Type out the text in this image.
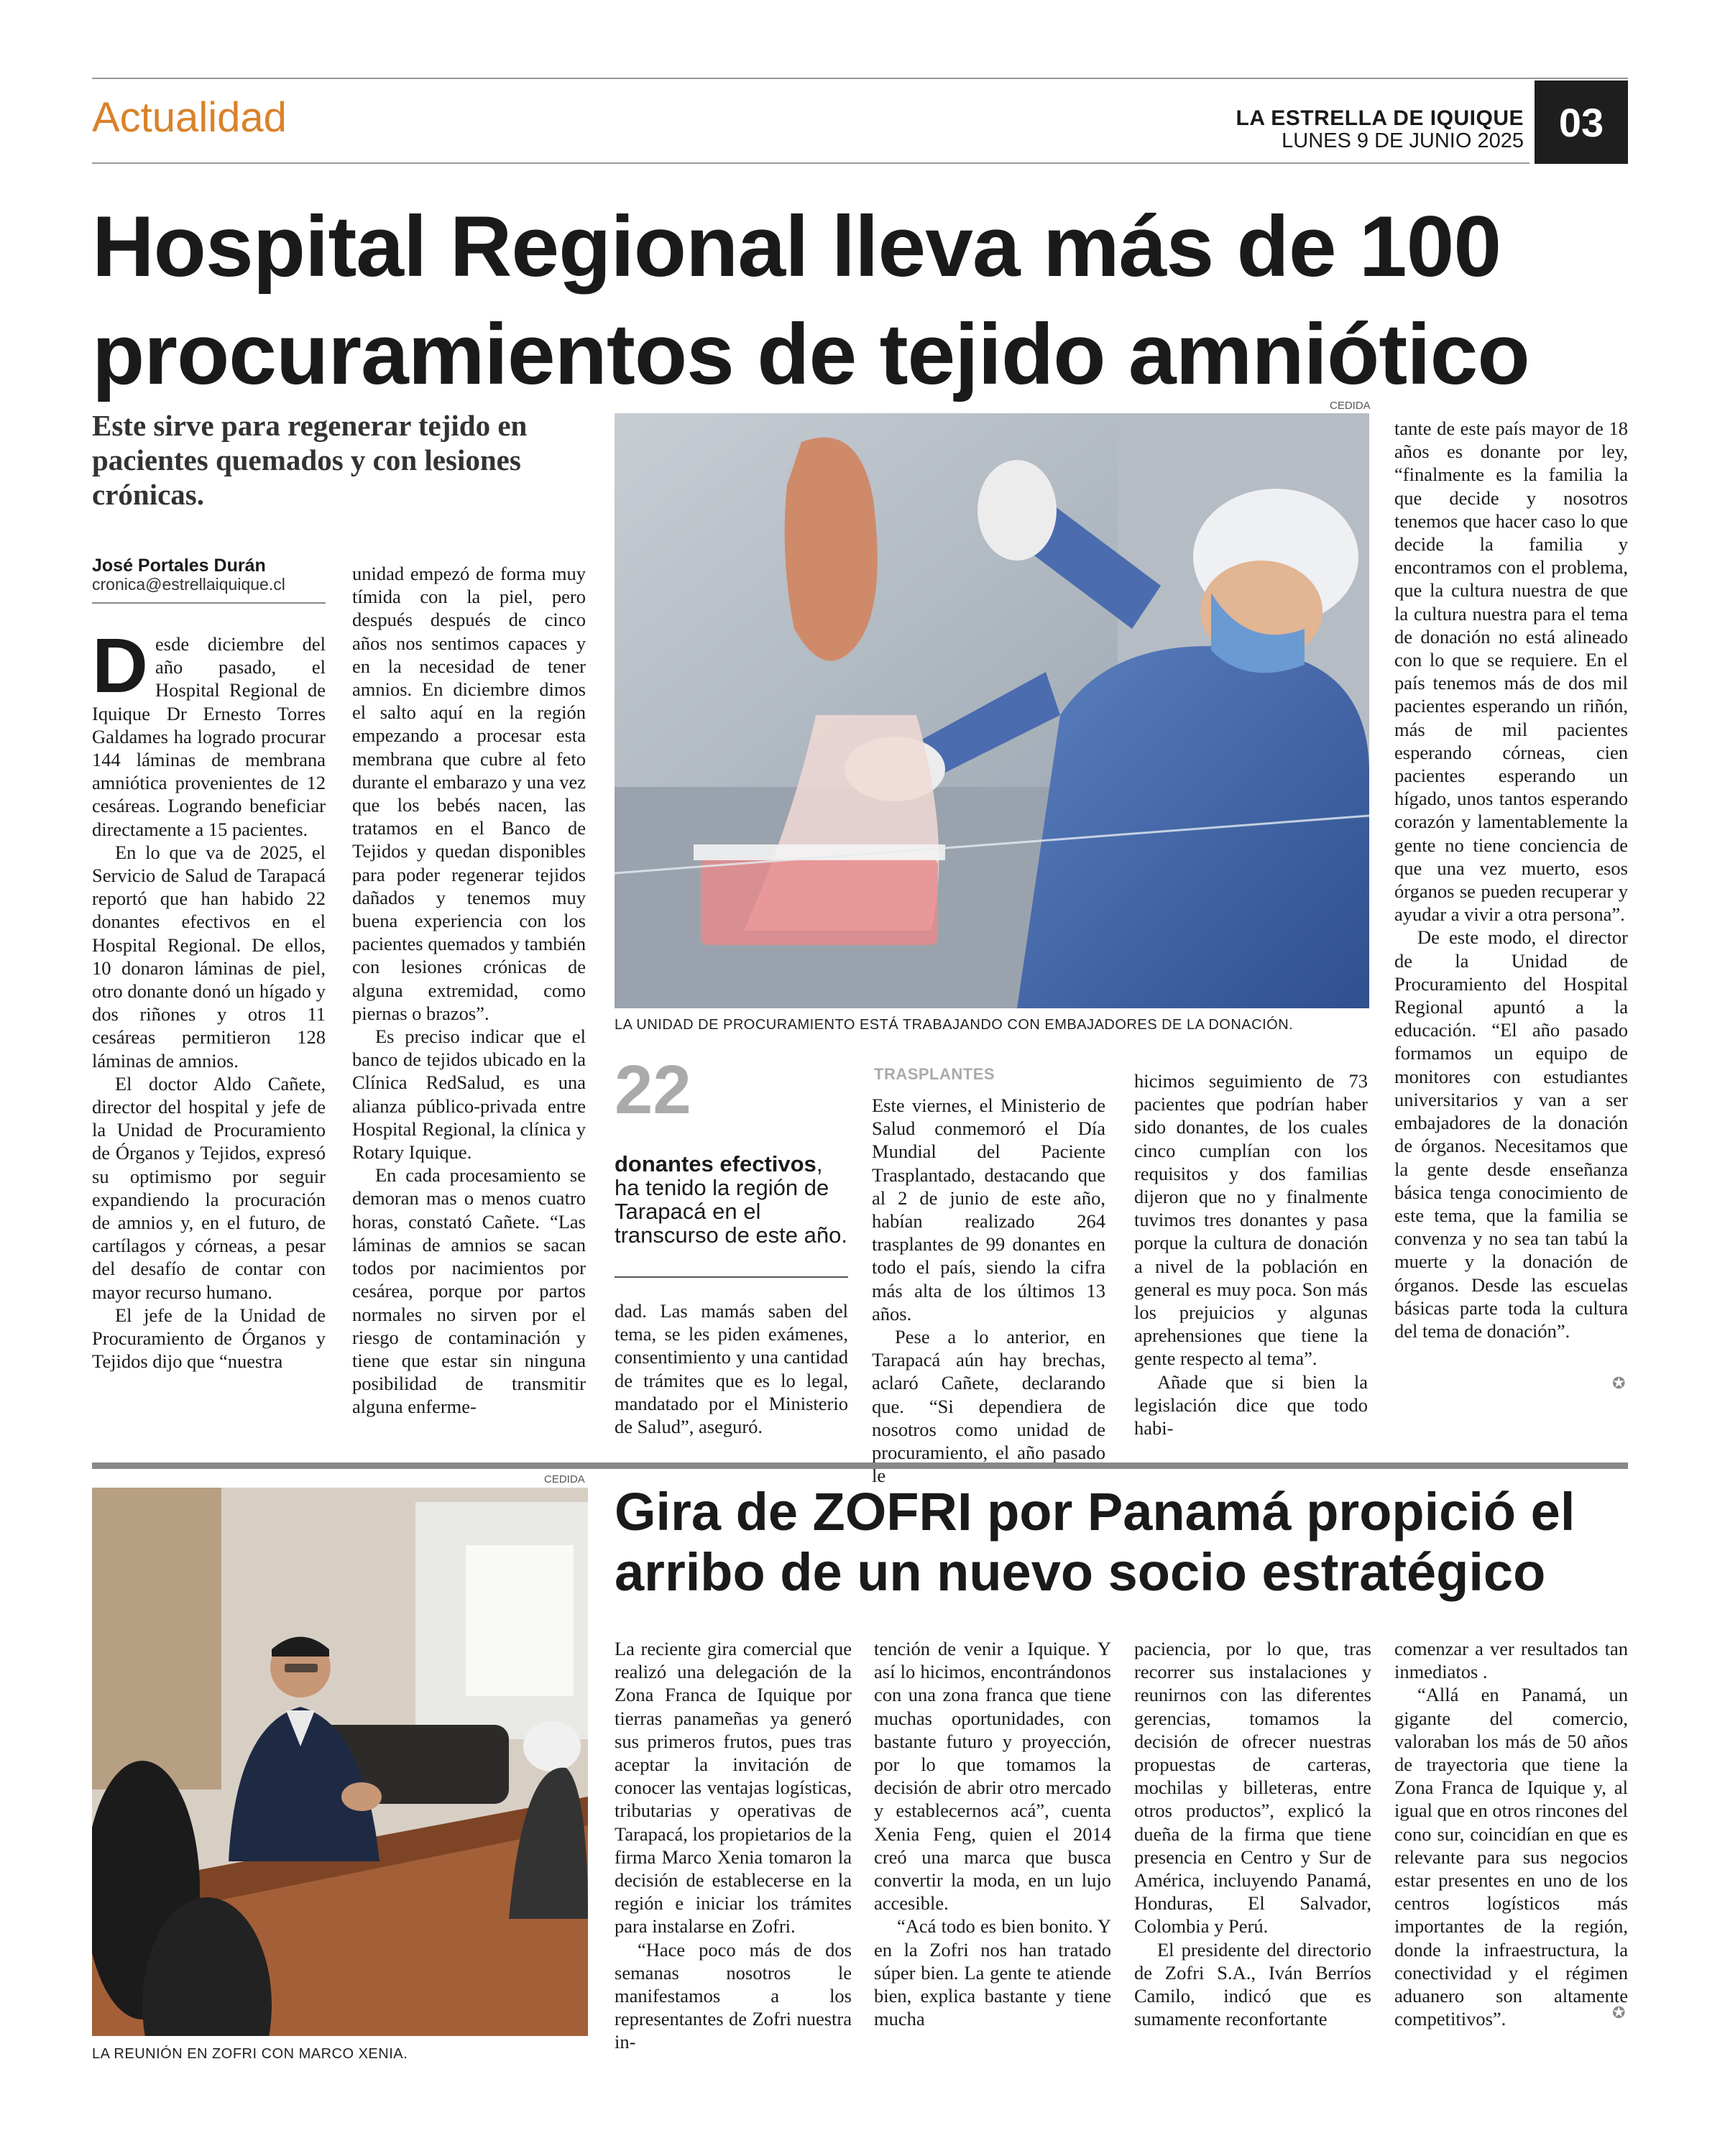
Actualidad	LA ESTRELLA DE IQUIQUE
LUNES 9 DE JUNIO 2025 03
Hospital Regional lleva más de 100 procuramientos de tejido amniótico
Este sirve para regenerar tejido en pacientes quemados y con lesiones crónicas.
José Portales Durán
cronica@estrellaiquique.cl

Desde diciembre del año pasado, el Hospital Regional de Iquique Dr Ernesto Torres Galdames ha logrado procurar 144 láminas de membrana amniótica provenientes de 12 cesáreas. Logrando beneficiar directamente a 15 pacientes.

En lo que va de 2025, el Servicio de Salud de Tarapacá reportó que han habido 22 donantes efectivos en el Hospital Regional. De ellos, 10 donaron láminas de piel, otro donante donó un hígado y dos riñones y otros 11 cesáreas permitieron 128 láminas de amnios.

El doctor Aldo Cañete, director del hospital y jefe de la Unidad de Procuramiento de Órganos y Tejidos, expresó su optimismo por seguir expandiendo la procuración de amnios y, en el futuro, de cartílagos y córneas, a pesar del desafío de contar con mayor recurso humano.

El jefe de la Unidad de Procuramiento de Órganos y Tejidos dijo que “nuestra

unidad empezó de forma muy tímida con la piel, pero después después de cinco años nos sentimos capaces y en la necesidad de tener amnios. En diciembre dimos el salto aquí en la región empezando a procesar esta membrana que cubre al feto durante el embarazo y una vez que los bebés nacen, las tratamos en el Banco de Tejidos y quedan disponibles para poder regenerar tejidos dañados y tenemos muy buena experiencia con los pacientes quemados y también con lesiones crónicas de alguna extremidad, como piernas o brazos”.

Es preciso indicar que el banco de tejidos ubicado en la Clínica RedSalud, es una alianza público-privada entre Hospital Regional, la clínica y Rotary Iquique.

En cada procesamiento se demoran mas o menos cuatro horas, constató Cañete. “Las láminas de amnios se sacan todos por nacimientos por cesárea, porque por partos normales no sirven por el riesgo de contaminación y tiene que estar sin ninguna posibilidad de transmitir alguna enferme-

CEDIDA
LA UNIDAD DE PROCURAMIENTO ESTÁ TRABAJANDO CON EMBAJADORES DE LA DONACIÓN.
22
donantes efectivos, ha tenido la región de Tarapacá en el transcurso de este año.

dad. Las mamás saben del tema, se les piden exámenes, consentimiento y una cantidad de trámites que es lo legal, mandatado por el Ministerio de Salud”, aseguró.

TRASPLANTES

Este viernes, el Ministerio de Salud conmemoró el Día Mundial del Paciente Trasplantado, destacando que al 2 de junio de este año, habían realizado 264 trasplantes de 99 donantes en todo el país, siendo la cifra más alta de los últimos 13 años.

Pese a lo anterior, en Tarapacá aún hay brechas, aclaró Cañete, declarando que. “Si dependiera de nosotros como unidad de procuramiento, el año pasado le

hicimos seguimiento de 73 pacientes que podrían haber sido donantes, de los cuales cinco cumplían con los requisitos y dos familias dijeron que no y finalmente tuvimos tres donantes y pasa porque la cultura de donación a nivel de la población en general es muy poca. Son más los prejuicios y algunas aprehensiones que tiene la gente respecto al tema”.

Añade que si bien la legislación dice que todo habi-

tante de este país mayor de 18 años es donante por ley, “finalmente es la familia la que decide y nosotros tenemos que hacer caso lo que decide la familia y encontramos con el problema, que la cultura nuestra de que la cultura nuestra para el tema de donación no está alineado con lo que se requiere. En el país tenemos más de dos mil pacientes esperando un riñón, más de mil pacientes esperando córneas, cien pacientes esperando un hígado, unos tantos esperando corazón y lamentablemente la gente no tiene conciencia de que una vez muerto, esos órganos se pueden recuperar y ayudar a vivir a otra persona”.

De este modo, el director de la Unidad de Procuramiento del Hospital Regional apuntó a la educación. “El año pasado formamos un equipo de monitores con estudiantes universitarios y van a ser embajadores de la donación de órganos. Necesitamos que la gente desde enseñanza básica tenga conocimiento de este tema, que la familia se convenza y no sea tan tabú la muerte y la donación de órganos. Desde las escuelas básicas parte toda la cultura del tema de donación”.

✪
CEDIDA
LA REUNIÓN EN ZOFRI CON MARCO XENIA.
Gira de ZOFRI por Panamá propició el arribo de un nuevo socio estratégico

La reciente gira comercial que realizó una delegación de la Zona Franca de Iquique por tierras panameñas ya generó sus primeros frutos, pues tras aceptar la invitación de conocer las ventajas logísticas, tributarias y operativas de Tarapacá, los propietarios de la firma Marco Xenia tomaron la decisión de establecerse en la región e iniciar los trámites para instalarse en Zofri.

“Hace poco más de dos semanas nosotros le manifestamos a los representantes de Zofri nuestra in-

tención de venir a Iquique. Y así lo hicimos, encontrándonos con una zona franca que tiene muchas oportunidades, con bastante futuro y proyección, por lo que tomamos la decisión de abrir otro mercado y establecernos acá”, cuenta Xenia Feng, quien el 2014 creó una marca que busca convertir la moda, en un lujo accesible.

“Acá todo es bien bonito. Y en la Zofri nos han tratado súper bien. La gente te atiende bien, explica bastante y tiene mucha

paciencia, por lo que, tras recorrer sus instalaciones y reunirnos con las diferentes gerencias, tomamos la decisión de ofrecer nuestras propuestas de carteras, mochilas y billeteras, entre otros productos”, explicó la dueña de la firma que tiene presencia en Centro y Sur de América, incluyendo Panamá, Honduras, El Salvador, Colombia y Perú.

El presidente del directorio de Zofri S.A., Iván Berríos Camilo, indicó que es sumamente reconfortante

comenzar a ver resultados tan inmediatos .

“Allá en Panamá, un gigante del comercio, valoraban los más de 50 años de trayectoria que tiene la Zona Franca de Iquique y, al igual que en otros rincones del cono sur, coincidían en que es relevante para sus negocios estar presentes en uno de los centros logísticos más importantes de la región, donde la infraestructura, la conectividad y el régimen aduanero son altamente competitivos”.	✪
